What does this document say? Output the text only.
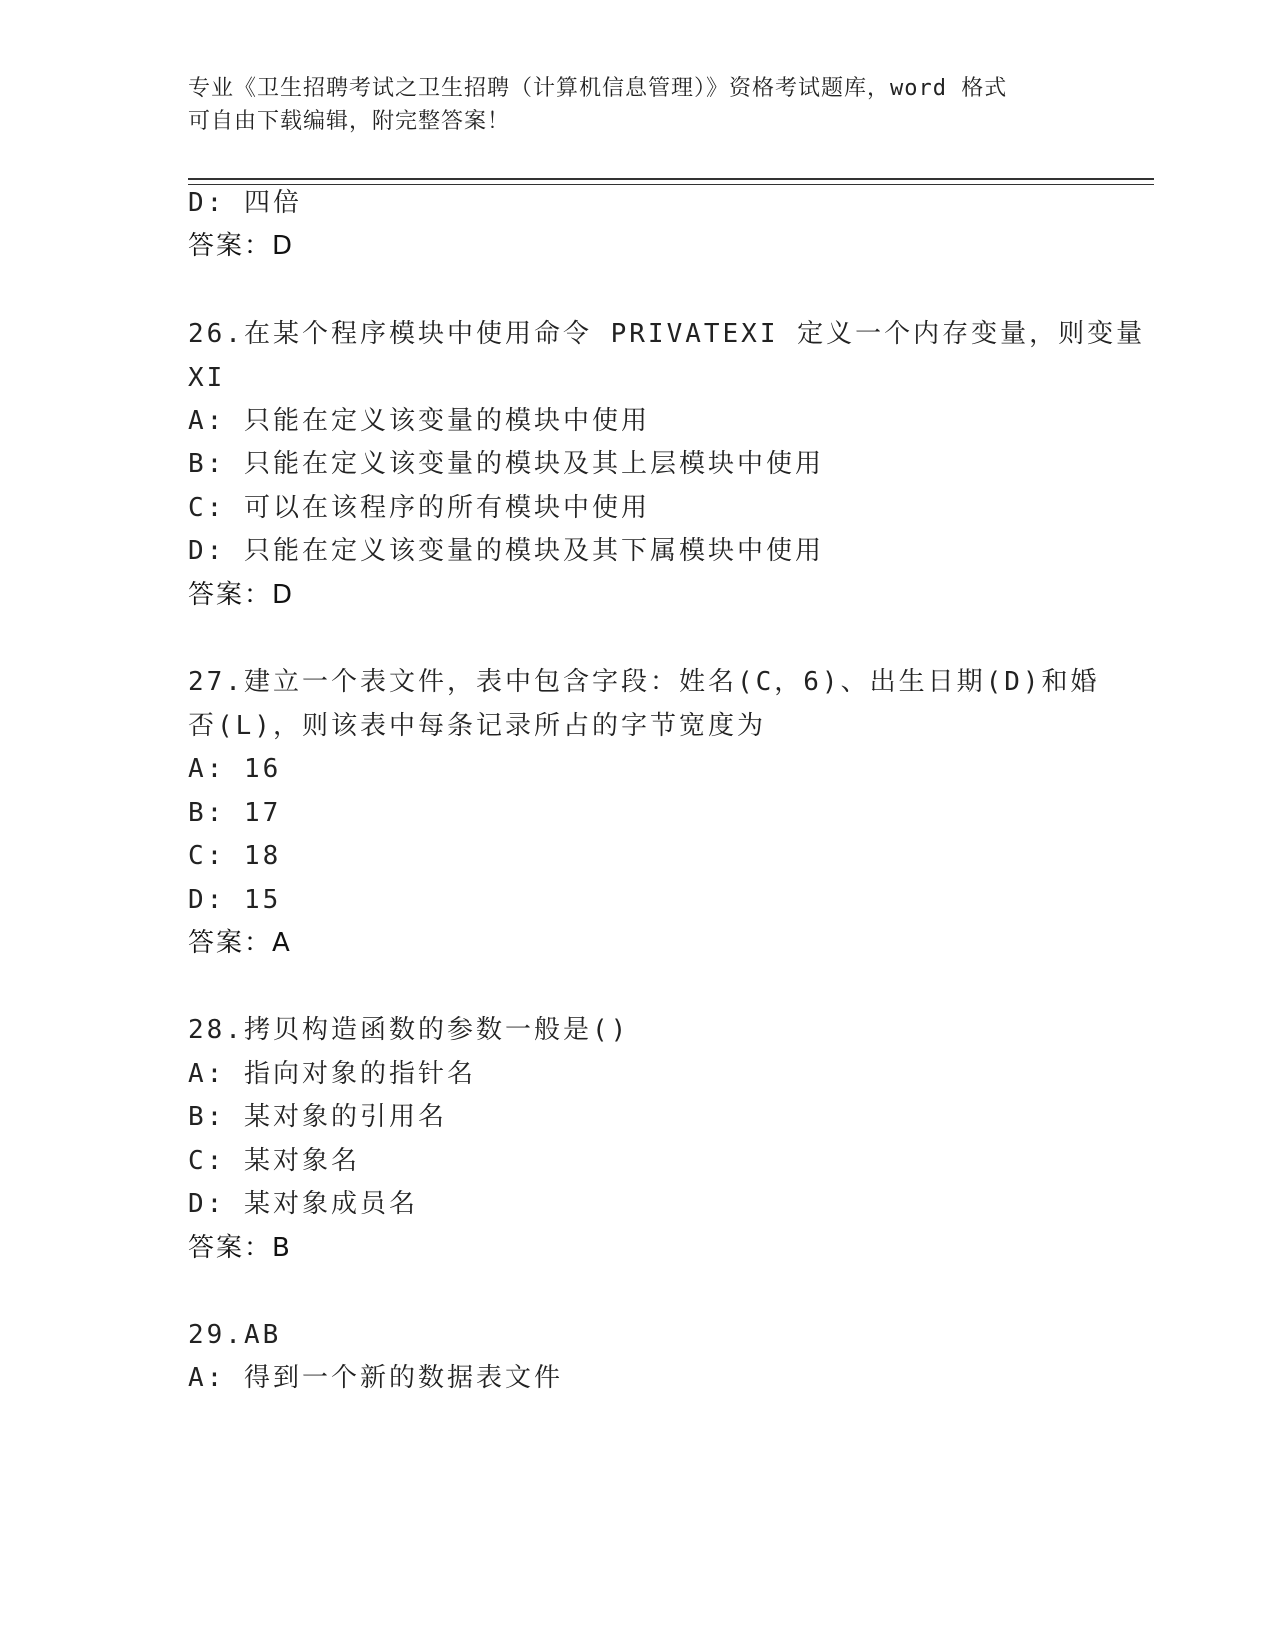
专业《卫生招聘考试之卫生招聘（计算机信息管理）》资格考试题库，word 格式
可自由下载编辑，附完整答案！
D: 四倍
答案：D
26.在某个程序模块中使用命令 PRIVATEXI 定义一个内存变量，则变量
XI
A: 只能在定义该变量的模块中使用
B: 只能在定义该变量的模块及其上层模块中使用
C: 可以在该程序的所有模块中使用
D: 只能在定义该变量的模块及其下属模块中使用
答案：D
27.建立一个表文件，表中包含字段：姓名(C，6)、出生日期(D)和婚
否(L)，则该表中每条记录所占的字节宽度为
A: 16
B: 17
C: 18
D: 15
答案：A
28.拷贝构造函数的参数一般是()
A: 指向对象的指针名
B: 某对象的引用名
C: 某对象名
D: 某对象成员名
答案：B
29.AB
A: 得到一个新的数据表文件
